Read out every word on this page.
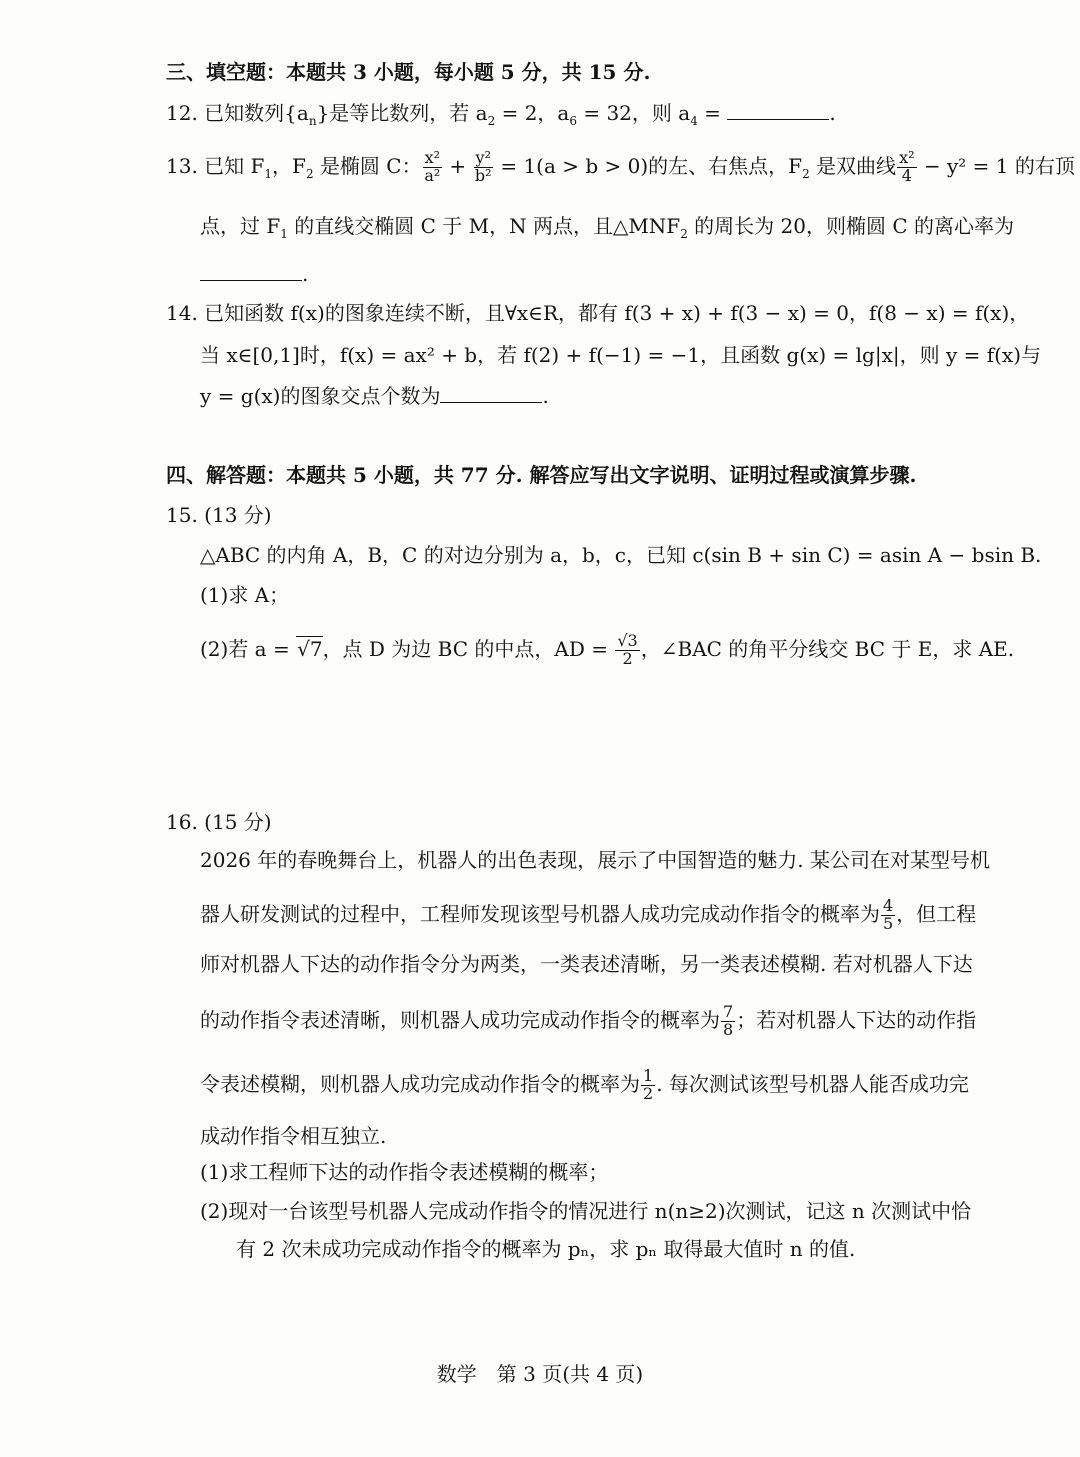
三、填空题：本题共 3 小题，每小题 5 分，共 15 分.
12. 已知数列$\{a_n\}$是等比数列，若 $a_2 = 2$，$a_6 = 32$，则 $a_4$ =	.
13. 已知 $F_1$，$F_2$ 是椭圆 C： $\frac{\text{x²}}{\text{a²}} + \frac{\text{y²}}{\text{b²}} = 1(a > b > 0)$的左、右焦点，$F_2$ 是双曲线 $\frac{\text{x²}}{4} - y^2 = 1$ 的右顶
点，过 $F_1$ 的直线交椭圆 C 于 M，N 两点，且$\triangle MNF_2$ 的周长为 20，则椭圆 C 的离心率为
.
14. 已知函数 f(x)的图象连续不断，且∀x∈R，都有 f(3 + x) + f(3 − x) = 0，f(8 − x) = f(x)，
当 x∈[0,1]时，f(x) = ax² + b，若 f(2) + f(−1) = −1，且函数 g(x) = lg|x|，则 y = f(x)与
y = g(x)的图象交点个数为	.
四、解答题：本题共 5 小题，共 77 分. 解答应写出文字说明、证明过程或演算步骤.
15. (13 分)
△ABC 的内角 A，B，C 的对边分别为 a，b，c，已知 c(sin B + sin C) = asin A − bsin B.
(1)求 A；
(2)若 a = √7，点 D 为边 BC 的中点，AD = $\frac{√3}{2}$ ，∠BAC 的角平分线交 BC 于 E，求 AE.
16. (15 分)
2026 年的春晚舞台上，机器人的出色表现，展示了中国智造的魅力. 某公司在对某型号机
器人研发测试的过程中，工程师发现该型号机器人成功完成动作指令的概率为 $\frac{4}{5}$ ，但工程
师对机器人下达的动作指令分为两类，一类表述清晰，另一类表述模糊. 若对机器人下达
的动作指令表述清晰，则机器人成功完成动作指令的概率为 $\frac{7}{8}$ ；若对机器人下达的动作指
令表述模糊，则机器人成功完成动作指令的概率为 $\frac{1}{2}$ . 每次测试该型号机器人能否成功完
成动作指令相互独立.
(1)求工程师下达的动作指令表述模糊的概率；
(2)现对一台该型号机器人完成动作指令的情况进行 n(n≥2)次测试，记这 n 次测试中恰
有 2 次未成功完成动作指令的概率为 pₙ，求 pₙ 取得最大值时 n 的值.
数学　第 3 页(共 4 页)
